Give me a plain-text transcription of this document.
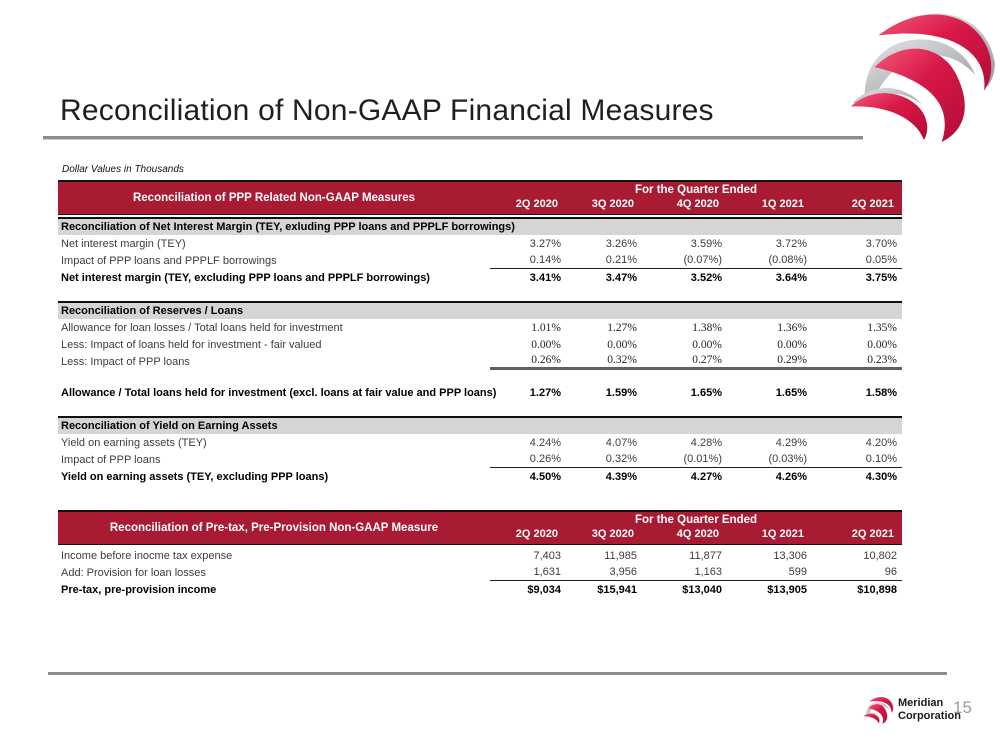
Reconciliation of Non-GAAP Financial Measures
Dollar Values in Thousands
Reconciliation of PPP Related Non-GAAP Measures
For the Quarter Ended
2Q 2020	3Q 2020	4Q 2020	1Q 2021	2Q 2021
Reconciliation of Net Interest Margin (TEY, exluding PPP loans and PPPLF borrowings)
Net interest margin (TEY)	3.27%	3.26%	3.59%	3.72%	3.70%
Impact of PPP loans and PPPLF borrowings	0.14%	0.21%	(0.07%)	(0.08%)	0.05%
Net interest margin (TEY, excluding PPP loans and PPPLF borrowings)	3.41%	3.47%	3.52%	3.64%	3.75%
Reconciliation of Reserves / Loans
Allowance for loan losses / Total loans held for investment	1.01%	1.27%	1.38%	1.36%	1.35%
Less: Impact of loans held for investment - fair valued	0.00%	0.00%	0.00%	0.00%	0.00%
Less: Impact of PPP loans	0.26%	0.32%	0.27%	0.29%	0.23%
Allowance / Total loans held for investment (excl. loans at fair value and PPP loans)	1.27%	1.59%	1.65%	1.65%	1.58%
Reconciliation of Yield on Earning Assets
Yield on earning assets (TEY)	4.24%	4.07%	4.28%	4.29%	4.20%
Impact of PPP loans	0.26%	0.32%	(0.01%)	(0.03%)	0.10%
Yield on earning assets (TEY, excluding PPP loans)	4.50%	4.39%	4.27%	4.26%	4.30%
Reconciliation of Pre-tax, Pre-Provision Non-GAAP Measure
For the Quarter Ended
2Q 2020	3Q 2020	4Q 2020	1Q 2021	2Q 2021
Income before inocme tax expense	7,403	11,985	11,877	13,306	10,802
Add: Provision for loan losses	1,631	3,956	1,163	599	96
Pre-tax, pre-provision income	$9,034	$15,941	$13,040	$13,905	$10,898
Meridian
Corporation
15
